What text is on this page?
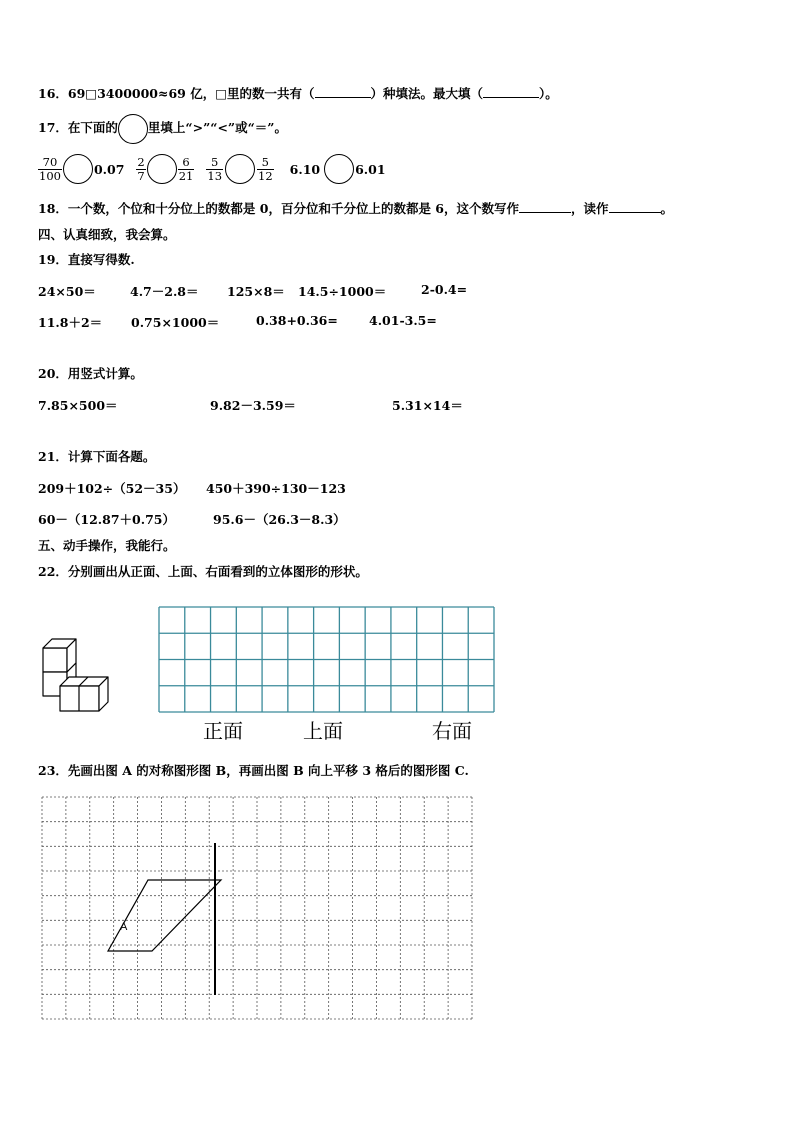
16．69□3400000≈69 亿，□里的数一共有（	）种填法。最大填（	）。
17．在下面的 里填上“>”“<”或“＝”。
$\frac{70}{100}$	$0.07 \frac{2}{7}$	$\frac{6}{21} \frac{5}{13}$	$\frac{5}{12} 6.10$	6.01
18．一个数，个位和十分位上的数都是 0，百分位和千分位上的数都是 6，这个数写作	，读作	。
四、认真细致，我会算。
19．直接写得数.
24×50＝	4.7－2.8＝ 125×8＝ 14.5÷1000＝	2-0.4=
11.8＋2＝ 0.75×1000＝	0.38+0.36= 4.01-3.5=
20．用竖式计算。
7.85×500＝	9.82－3.59＝	5.31×14＝
21．计算下面各题。
209＋102÷（52－35） 450＋390÷130－123
60－（12.87＋0.75）	95.6－（26.3－8.3）
五、动手操作，我能行。
22．分别画出从正面、上面、右面看到的立体图形的形状。
正面	上面	右面
23．先画出图 A 的对称图形图 B，再画出图 B 向上平移 3 格后的图形图 C.
A
